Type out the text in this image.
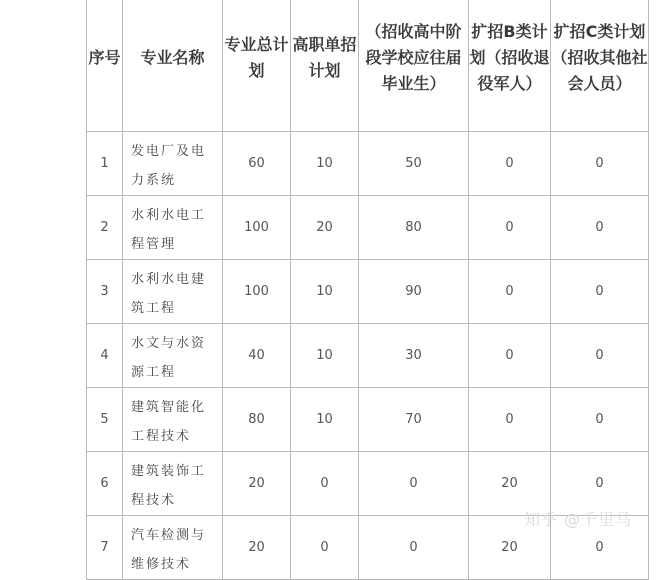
序号	专业名称	专业总计划	高职单招计划	（招收高中阶段学校应往届毕业生）	扩招B类计划（招收退役军人）	扩招C类计划（招收其他社会人员）
1	发电厂及电力系统	60	10	50	0	0
2	水利水电工程管理	100	20	80	0	0
3	水利水电建筑工程	100	10	90	0	0
4	水文与水资源工程	40	10	30	0	0
5	建筑智能化工程技术	80	10	70	0	0
6	建筑装饰工程技术	20	0	0	20	0
7	汽车检测与维修技术	20	0	0	20	0
知乎 @千里马
